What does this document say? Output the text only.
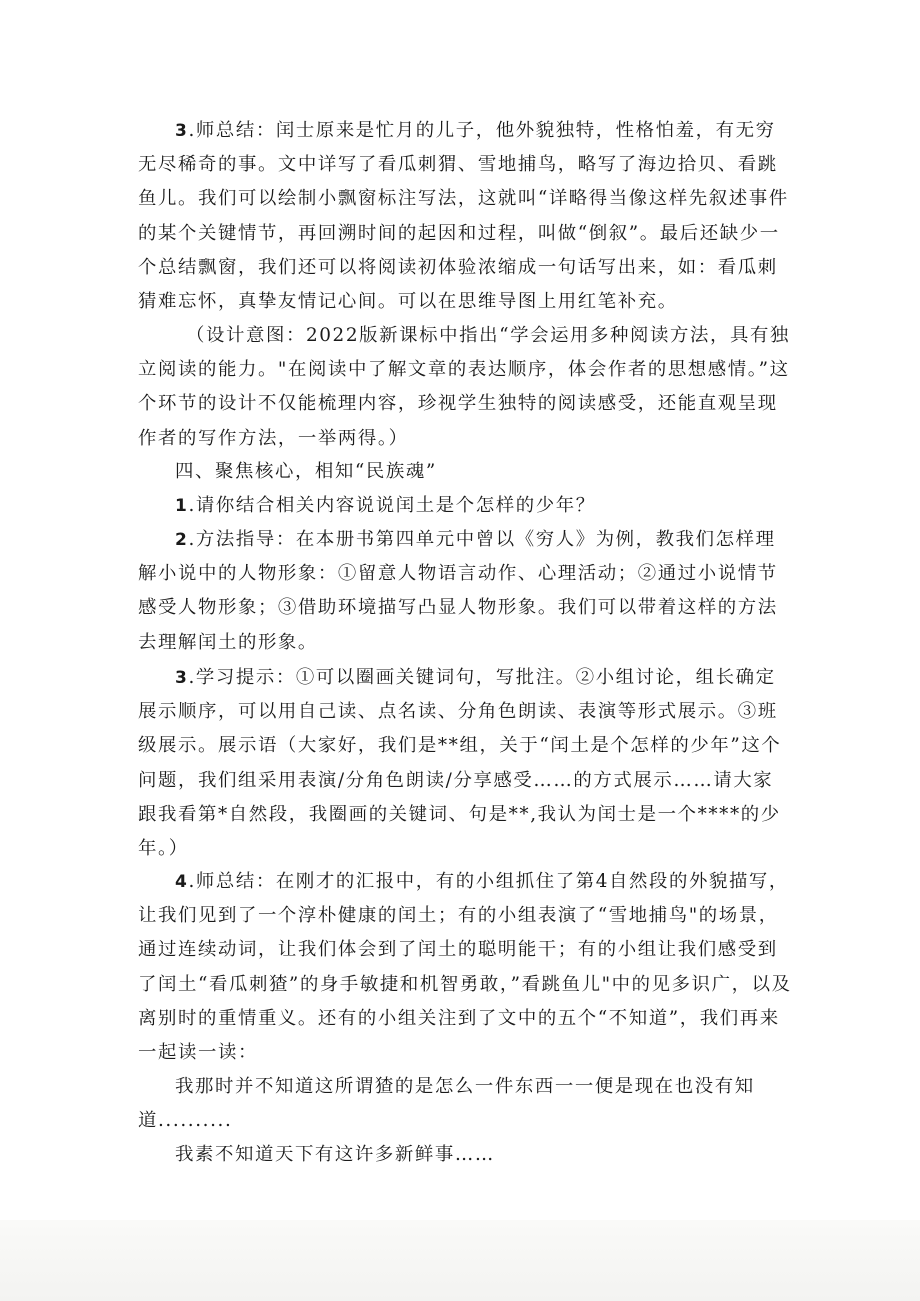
3.师总结：闰士原来是忙月的儿子，他外貌独特，性格怕羞，有无穷无尽稀奇的事。文中详写了看瓜刺猬、雪地捕鸟，略写了海边拾贝、看跳鱼儿。我们可以绘制小飘窗标注写法，这就叫“详略得当像这样先叙述事件的某个关键情节，再回溯时间的起因和过程，叫做“倒叙”。最后还缺少一个总结飘窗，我们还可以将阅读初体验浓缩成一句话写出来，如：看瓜刺猜难忘怀，真挚友情记心间。可以在思维导图上用红笔补充。

（设计意图：2022版新课标中指出“学会运用多种阅读方法，具有独立阅读的能力。"在阅读中了解文章的表达顺序，体会作者的思想感情。”这个环节的设计不仅能梳理内容，珍视学生独特的阅读感受，还能直观呈现作者的写作方法，一举两得。）

四、聚焦核心，相知“民族魂”

1.请你结合相关内容说说闰土是个怎样的少年？

2.方法指导：在本册书第四单元中曾以《穷人》为例，教我们怎样理解小说中的人物形象：①留意人物语言动作、心理活动；②通过小说情节感受人物形象；③借助环境描写凸显人物形象。我们可以带着这样的方法去理解闰土的形象。

3.学习提示：①可以圈画关键词句，写批注。②小组讨论，组长确定展示顺序，可以用自己读、点名读、分角色朗读、表演等形式展示。③班级展示。展示语（大家好，我们是**组，关于“闰土是个怎样的少年”这个问题，我们组采用表演/分角色朗读/分享感受……的方式展示……请大家跟我看第*自然段，我圈画的关键词、句是**,我认为闰士是一个****的少年。）

4.师总结：在刚才的汇报中，有的小组抓住了第4自然段的外貌描写，让我们见到了一个淳朴健康的闰土；有的小组表演了“雪地捕鸟"的场景，通过连续动词，让我们体会到了闰土的聪明能干；有的小组让我们感受到了闰土“看瓜刺猹”的身手敏捷和机智勇敢，”看跳鱼儿"中的见多识广，以及离别时的重情重义。还有的小组关注到了文中的五个“不知道”，我们再来一起读一读：

我那时并不知道这所谓猹的是怎么一件东西一一便是现在也没有知道..........

我素不知道天下有这许多新鲜事……
